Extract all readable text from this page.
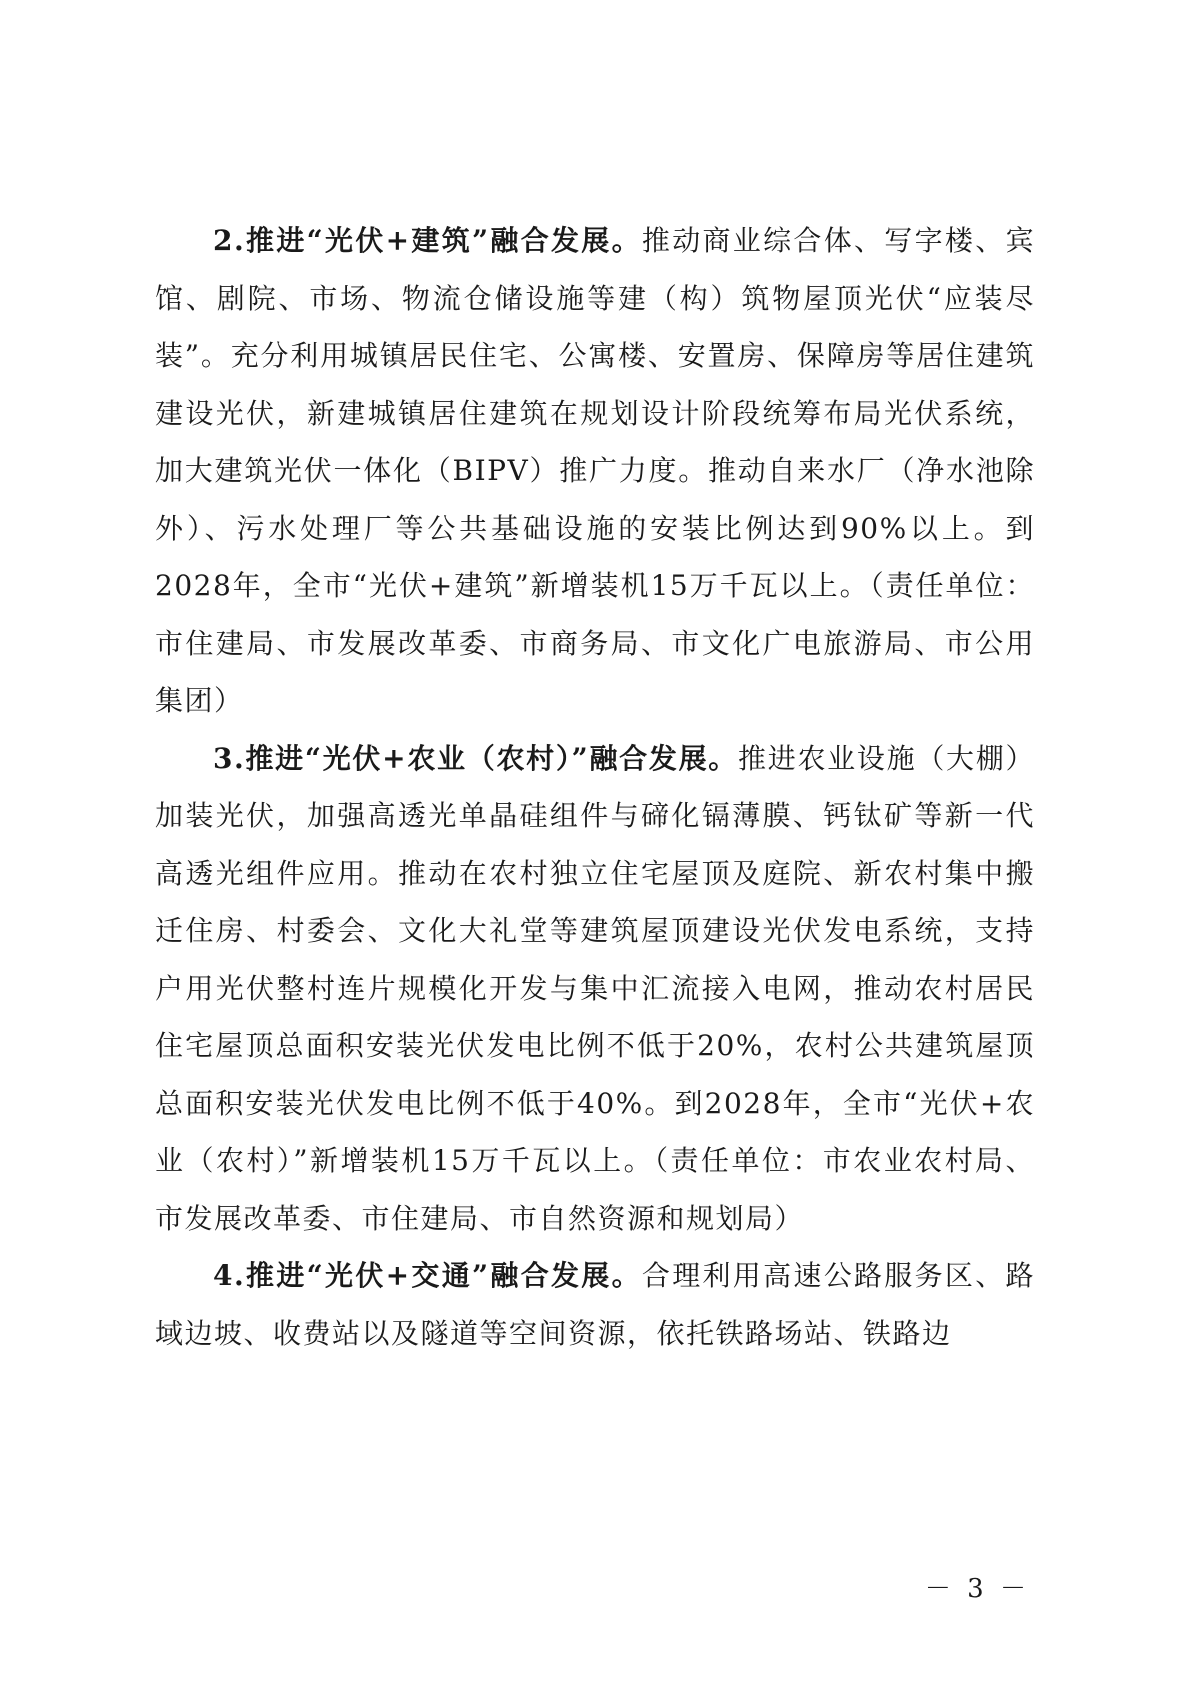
2.推进“光伏+建筑”融合发展。推动商业综合体、写字楼、宾馆、剧院、市场、物流仓储设施等建（构）筑物屋顶光伏“应装尽装”。充分利用城镇居民住宅、公寓楼、安置房、保障房等居住建筑建设光伏，新建城镇居住建筑在规划设计阶段统筹布局光伏系统，加大建筑光伏一体化（BIPV）推广力度。推动自来水厂（净水池除外）、污水处理厂等公共基础设施的安装比例达到90%以上。到2028年，全市“光伏+建筑”新增装机15万千瓦以上。（责任单位：市住建局、市发展改革委、市商务局、市文化广电旅游局、市公用集团）

3.推进“光伏+农业（农村）”融合发展。推进农业设施（大棚）加装光伏，加强高透光单晶硅组件与碲化镉薄膜、钙钛矿等新一代高透光组件应用。推动在农村独立住宅屋顶及庭院、新农村集中搬迁住房、村委会、文化大礼堂等建筑屋顶建设光伏发电系统，支持户用光伏整村连片规模化开发与集中汇流接入电网，推动农村居民住宅屋顶总面积安装光伏发电比例不低于20%，农村公共建筑屋顶总面积安装光伏发电比例不低于40%。到2028年，全市“光伏+农业（农村）”新增装机15万千瓦以上。（责任单位：市农业农村局、市发展改革委、市住建局、市自然资源和规划局）

4.推进“光伏+交通”融合发展。合理利用高速公路服务区、路域边坡、收费站以及隧道等空间资源，依托铁路场站、铁路边

－ 3 －
